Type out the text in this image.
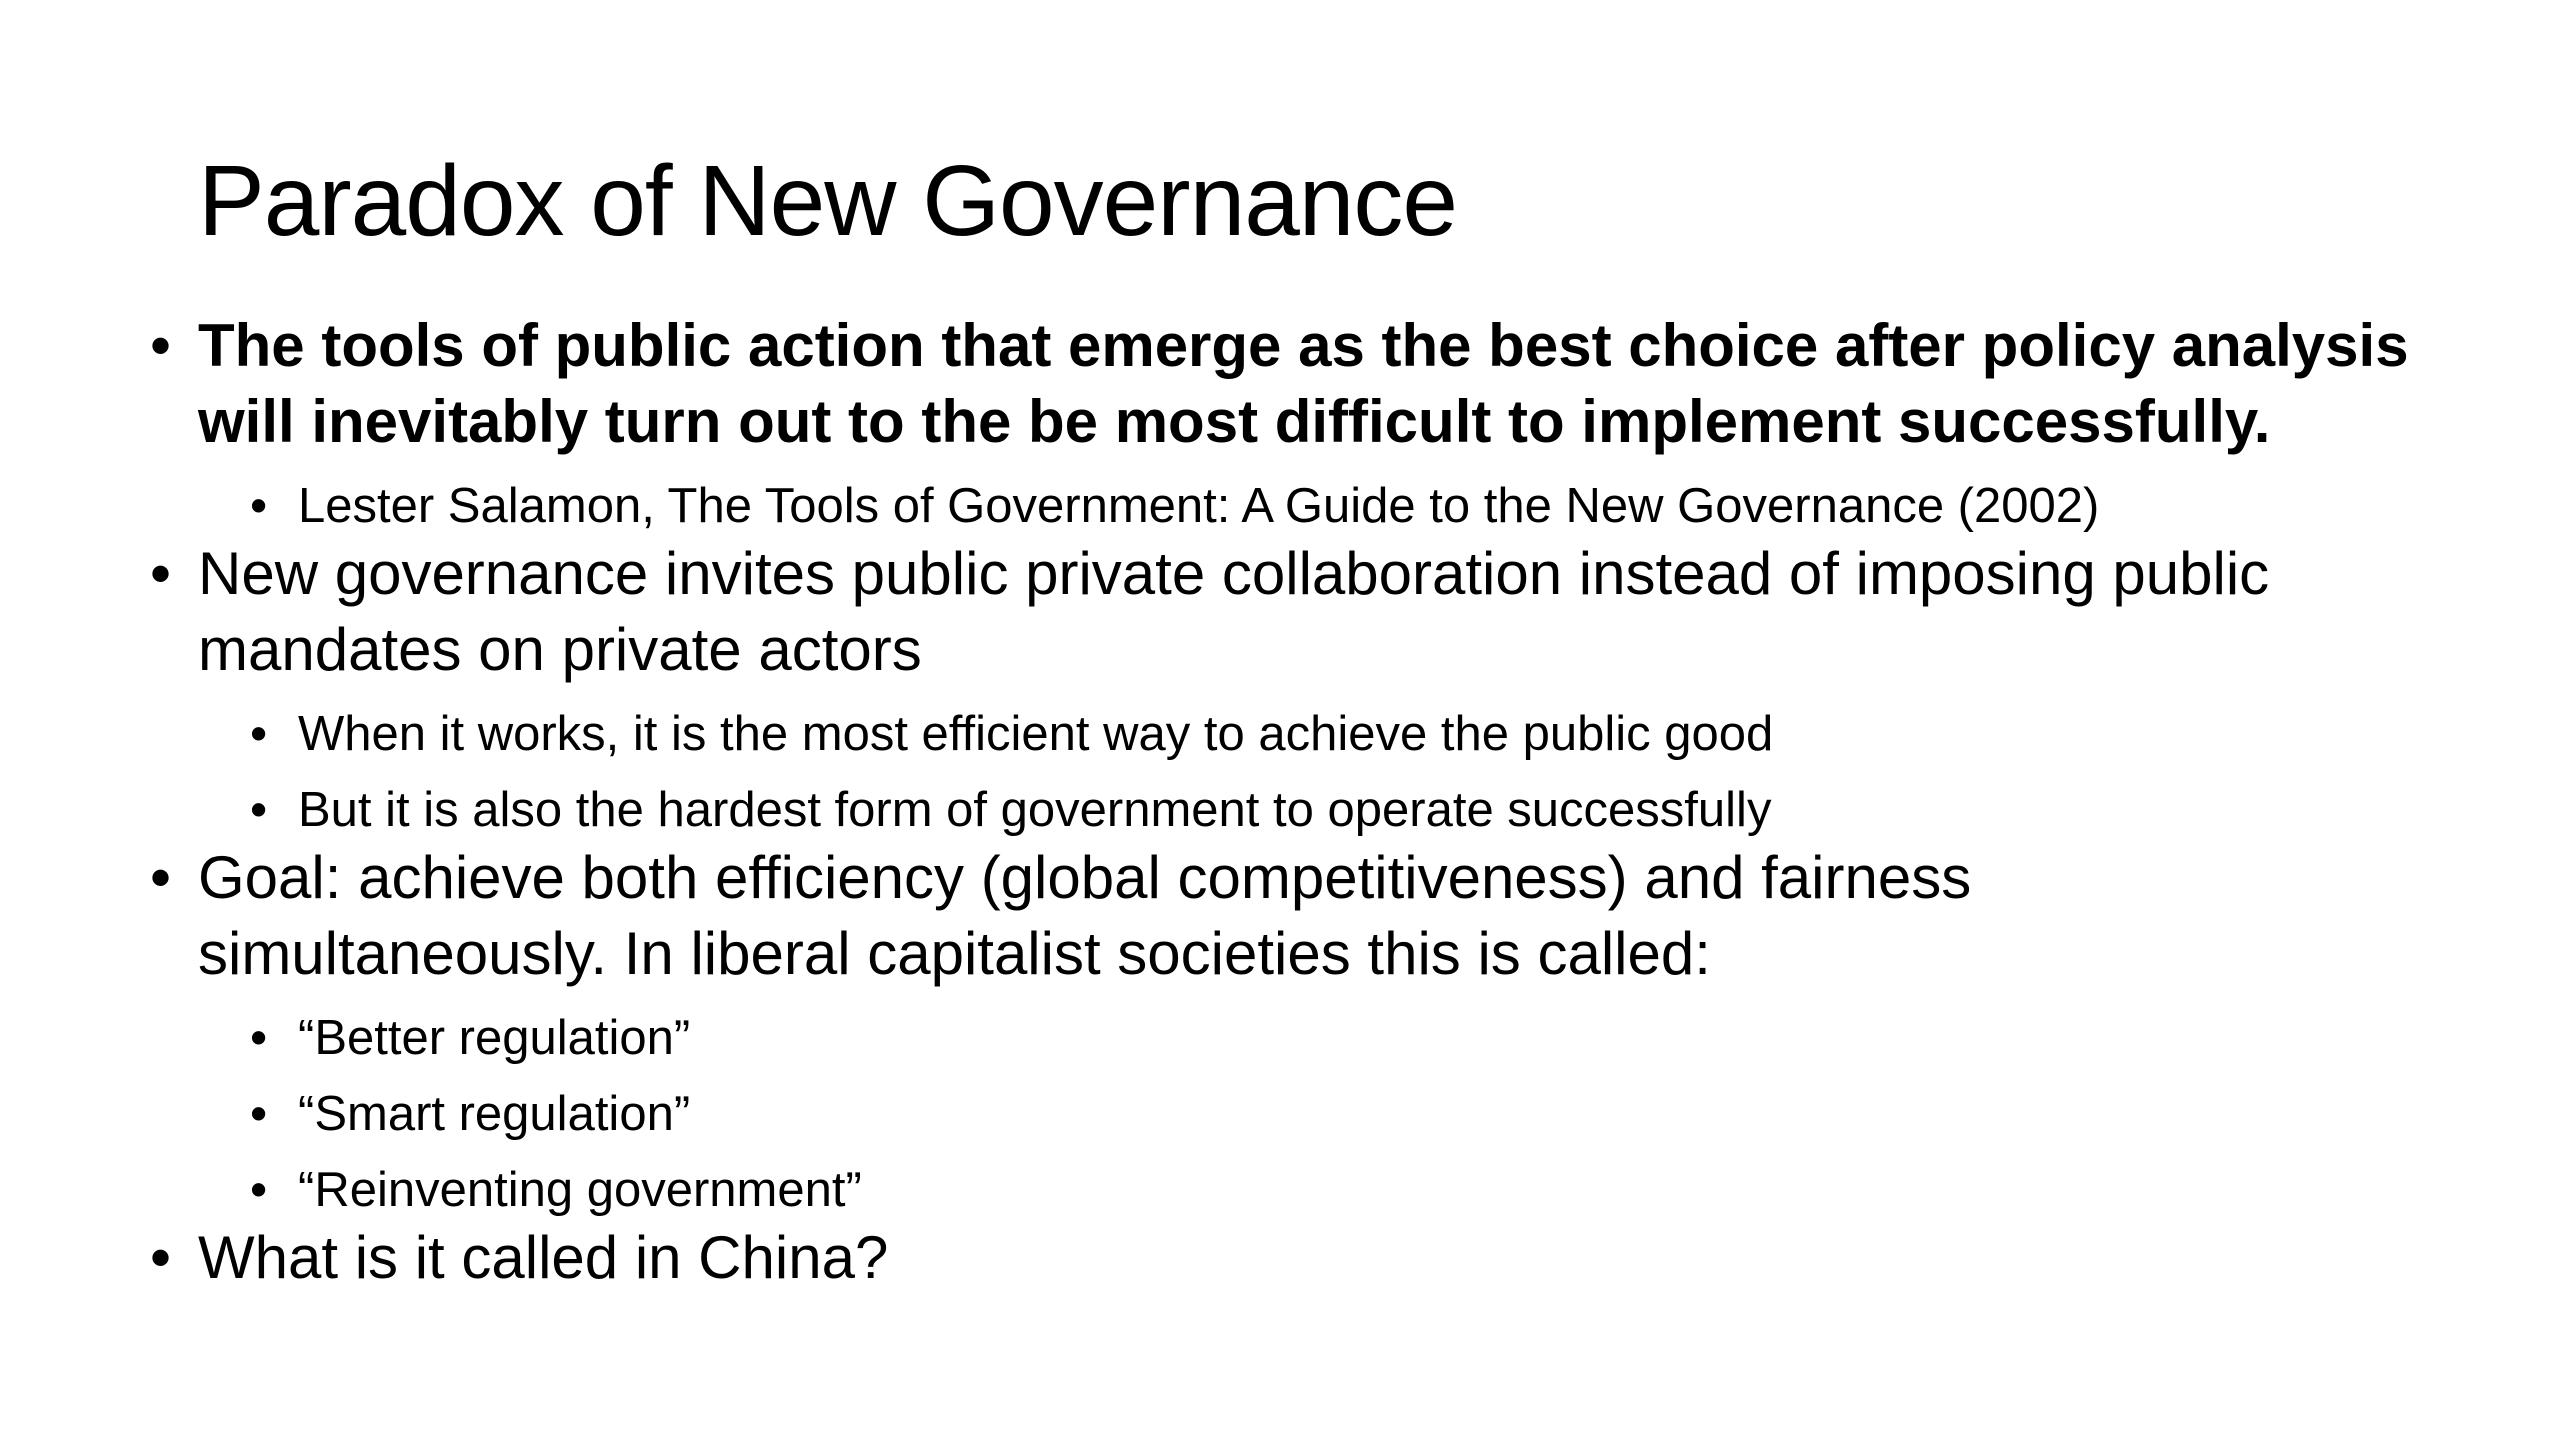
Paradox of New Governance
• The tools of public action that emerge as the best choice after policy analysis
will inevitably turn out to the be most difficult to implement successfully.
• Lester Salamon, The Tools of Government: A Guide to the New Governance (2002)
• New governance invites public private collaboration instead of imposing public
mandates on private actors
• When it works, it is the most efficient way to achieve the public good
• But it is also the hardest form of government to operate successfully
• Goal: achieve both efficiency (global competitiveness) and fairness
simultaneously. In liberal capitalist societies this is called:
• “Better regulation”
• “Smart regulation”
• “Reinventing government”
• What is it called in China?
